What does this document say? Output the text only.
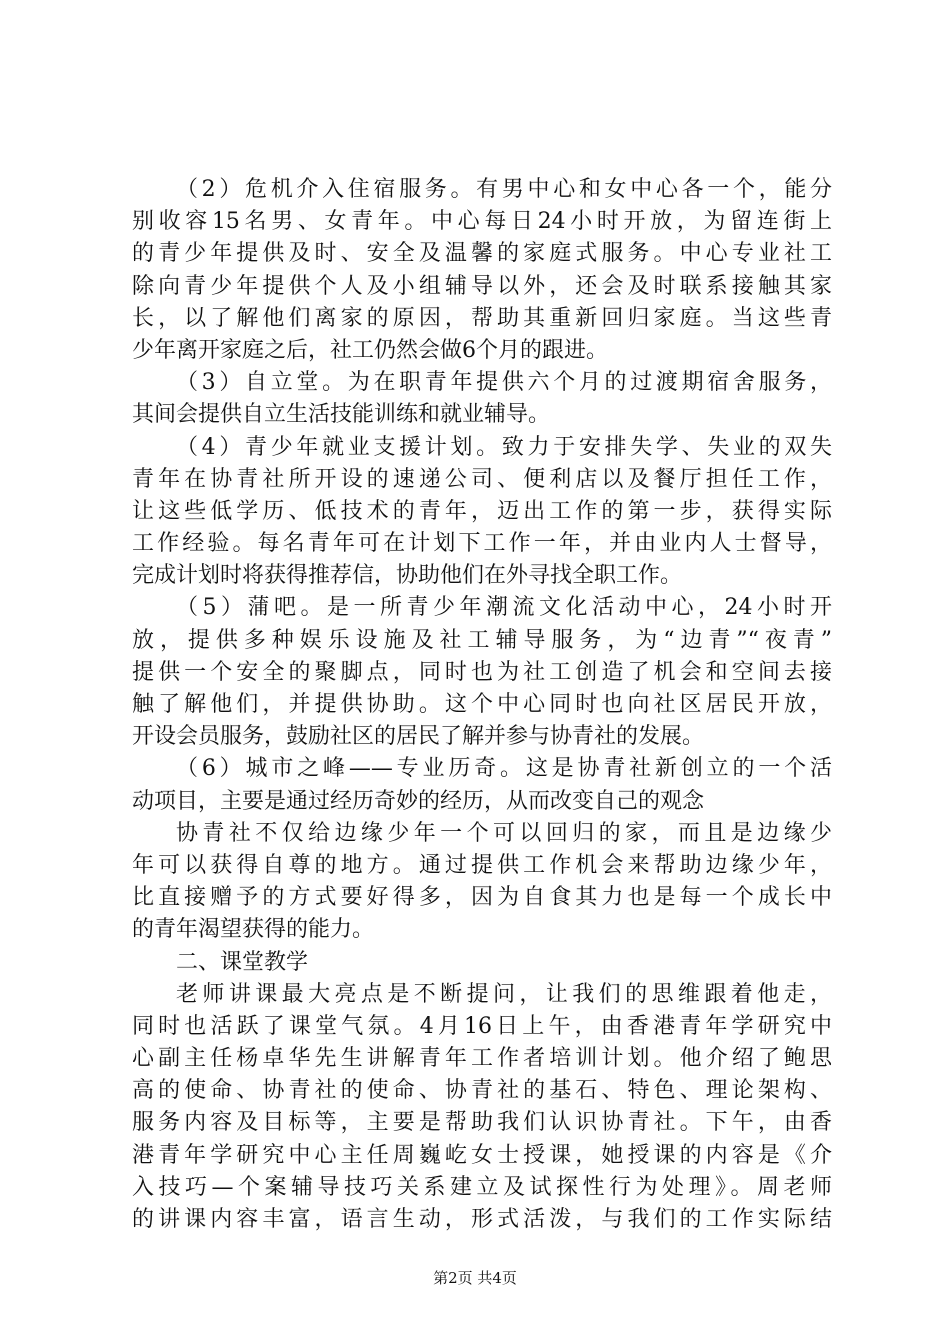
（2）危机介入住宿服务。有男中心和女中心各一个，能分
别收容15名男、女青年。中心每日24小时开放，为留连街上
的青少年提供及时、安全及温馨的家庭式服务。中心专业社工
除向青少年提供个人及小组辅导以外，还会及时联系接触其家
长，以了解他们离家的原因，帮助其重新回归家庭。当这些青
少年离开家庭之后，社工仍然会做6个月的跟进。
（3）自立堂。为在职青年提供六个月的过渡期宿舍服务，
其间会提供自立生活技能训练和就业辅导。
（4）青少年就业支援计划。致力于安排失学、失业的双失
青年在协青社所开设的速递公司、便利店以及餐厅担任工作，
让这些低学历、低技术的青年，迈出工作的第一步，获得实际
工作经验。每名青年可在计划下工作一年，并由业内人士督导，
完成计划时将获得推荐信，协助他们在外寻找全职工作。
（5）蒲吧。是一所青少年潮流文化活动中心，24小时开
放，提供多种娱乐设施及社工辅导服务，为“边青”“夜青”
提供一个安全的聚脚点，同时也为社工创造了机会和空间去接
触了解他们，并提供协助。这个中心同时也向社区居民开放，
开设会员服务，鼓励社区的居民了解并参与协青社的发展。
（6）城市之峰——专业历奇。这是协青社新创立的一个活
动项目，主要是通过经历奇妙的经历，从而改变自己的观念
协青社不仅给边缘少年一个可以回归的家，而且是边缘少
年可以获得自尊的地方。通过提供工作机会来帮助边缘少年，
比直接赠予的方式要好得多，因为自食其力也是每一个成长中
的青年渴望获得的能力。
二、课堂教学
老师讲课最大亮点是不断提问，让我们的思维跟着他走，
同时也活跃了课堂气氛。4月16日上午，由香港青年学研究中
心副主任杨卓华先生讲解青年工作者培训计划。他介绍了鲍思
高的使命、协青社的使命、协青社的基石、特色、理论架构、
服务内容及目标等，主要是帮助我们认识协青社。下午，由香
港青年学研究中心主任周巍屹女士授课，她授课的内容是《介
入技巧—个案辅导技巧关系建立及试探性行为处理》。周老师
的讲课内容丰富，语言生动，形式活泼，与我们的工作实际结
第2页 共4页
